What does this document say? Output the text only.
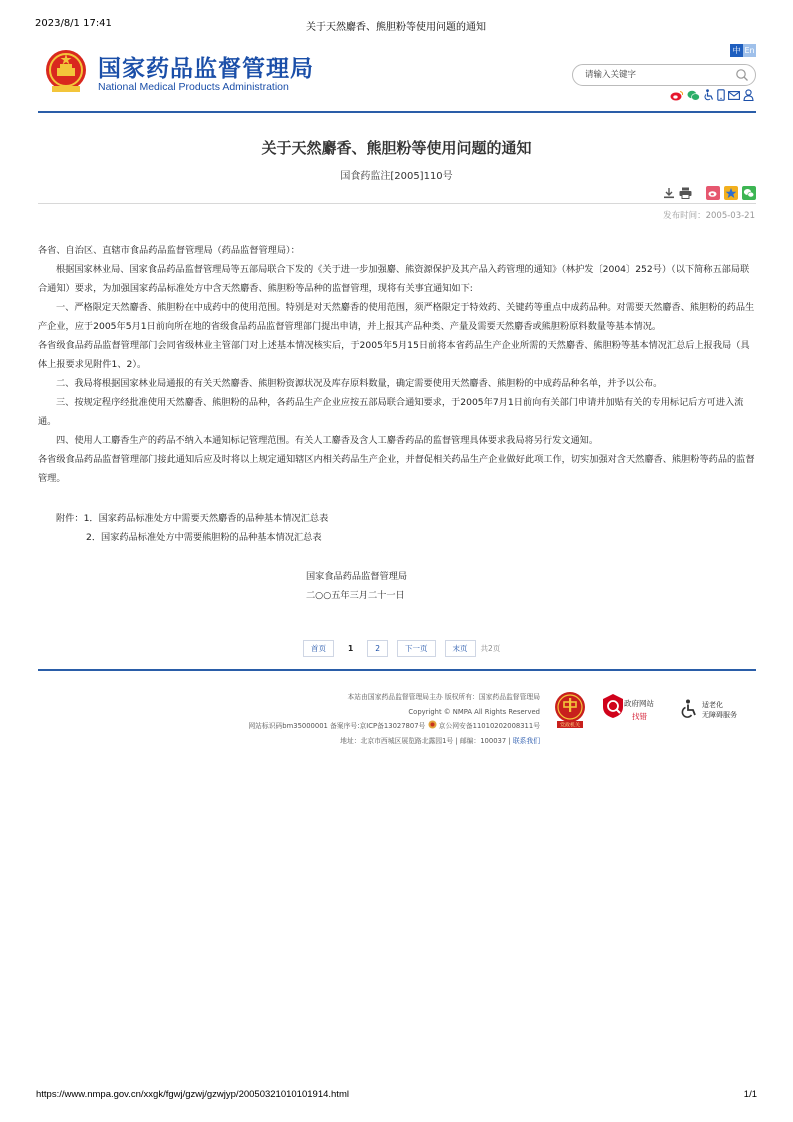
2023/8/1 17:41	关于天然麝香、熊胆粉等使用问题的通知
国家药品监督管理局
National Medical Products Administration
中 En
请输入关键字
关于天然麝香、熊胆粉等使用问题的通知
国食药监注[2005]110号
发布时间：2005-03-21

各省、自治区、直辖市食品药品监督管理局（药品监督管理局）：

根据国家林业局、国家食品药品监督管理局等五部局联合下发的《关于进一步加强麝、熊资源保护及其产品入药管理的通知》（林护发〔2004〕252号）（以下简称五部局联合通知）要求，为加强国家药品标准处方中含天然麝香、熊胆粉等品种的监督管理，现将有关事宜通知如下:

一、严格限定天然麝香、熊胆粉在中成药中的使用范围。特别是对天然麝香的使用范围，须严格限定于特效药、关键药等重点中成药品种。对需要天然麝香、熊胆粉的药品生产企业，应于2005年5月1日前向所在地的省级食品药品监督管理部门提出申请，并上报其产品种类、产量及需要天然麝香或熊胆粉原料数量等基本情况。

各省级食品药品监督管理部门会同省级林业主管部门对上述基本情况核实后，于2005年5月15日前将本省药品生产企业所需的天然麝香、熊胆粉等基本情况汇总后上报我局（具体上报要求见附件1、2）。

二、我局将根据国家林业局通报的有关天然麝香、熊胆粉资源状况及库存原料数量，确定需要使用天然麝香、熊胆粉的中成药品种名单，并予以公布。

三、按规定程序经批准使用天然麝香、熊胆粉的品种，各药品生产企业应按五部局联合通知要求，于2005年7月1日前向有关部门申请并加贴有关的专用标记后方可进入流通。

四、使用人工麝香生产的药品不纳入本通知标记管理范围。有关人工麝香及含人工麝香药品的监督管理具体要求我局将另行发文通知。

各省级食品药品监督管理部门接此通知后应及时将以上规定通知辖区内相关药品生产企业，并督促相关药品生产企业做好此项工作，切实加强对含天然麝香、熊胆粉等药品的监督管理。

附件：1．国家药品标准处方中需要天然麝香的品种基本情况汇总表
2．国家药品标准处方中需要熊胆粉的品种基本情况汇总表
国家食品药品监督管理局
二○○五年三月二十一日
首页	1	2	下一页	末页	共2页
本站由国家药品监督管理局主办 版权所有：国家药品监督管理局
Copyright © NMPA All Rights Reserved
网站标识码bm35000001 备案序号:京ICP备13027807号 京公网安备11010202008311号
地址：北京市西城区展览路北露园1号 | 邮编：100037 | 联系我们
党政机关
政府网站
找错
适老化
无障碍服务
https://www.nmpa.gov.cn/xxgk/fgwj/gzwj/gzwjyp/20050321010101914.html	1/1
